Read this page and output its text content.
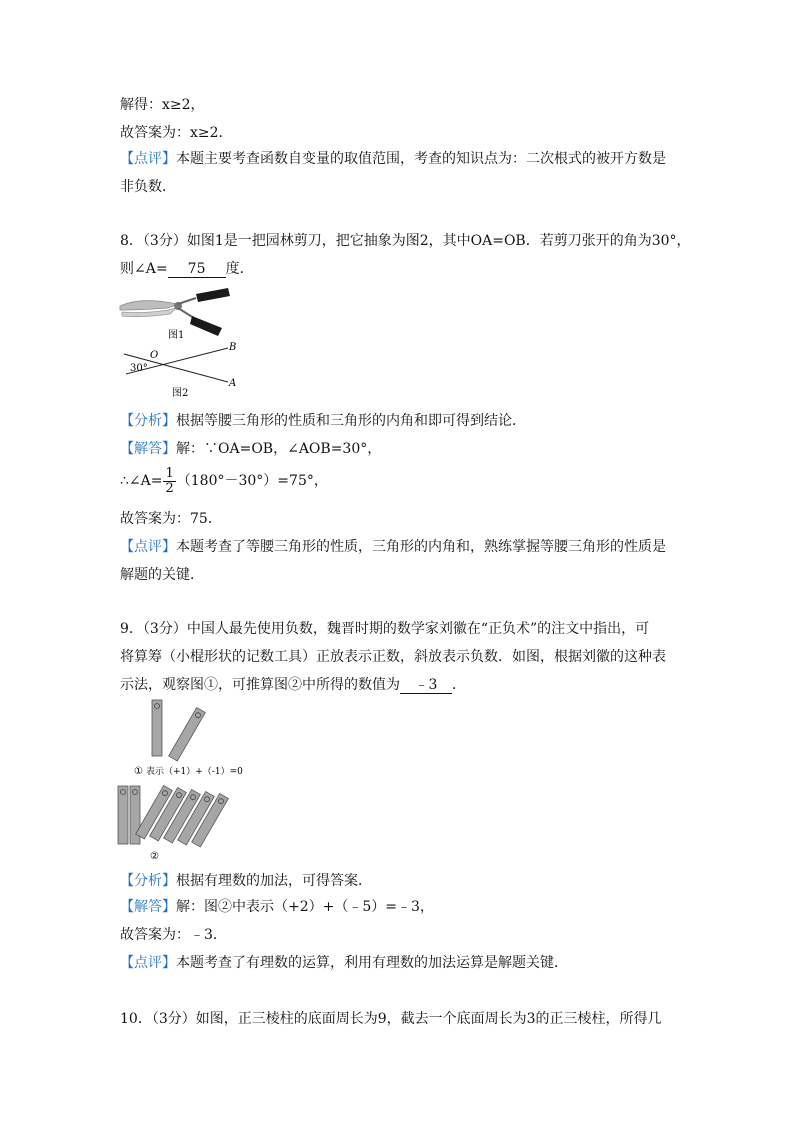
解得：x≥2，
故答案为：x≥2．
【点评】本题主要考查函数自变量的取值范围，考查的知识点为：二次根式的被开方数是
非负数．
8．（3分）如图1是一把园林剪刀，把它抽象为图2，其中OA=OB．若剪刀张开的角为30°，
则∠A= 75 度．
图1
O
B
A
30°
图2
【分析】根据等腰三角形的性质和三角形的内角和即可得到结论．
【解答】解：∵OA=OB，∠AOB=30°，
∴∠A= $\frac{1}{2} (180^\circ-30^\circ)=75^\circ$，
故答案为：75．
【点评】本题考查了等腰三角形的性质，三角形的内角和，熟练掌握等腰三角形的性质是
解题的关键．
9．（3分）中国人最先使用负数，魏晋时期的数学家刘徽在“正负术”的注文中指出，可
将算筹（小棍形状的记数工具）正放表示正数，斜放表示负数．如图，根据刘徽的这种表
示法，观察图①，可推算图②中所得的数值为 ﹣3 ．
① 表示（+1）+（-1）=0
②
【分析】根据有理数的加法，可得答案．
【解答】解：图②中表示（+2）+（﹣5）=﹣3，
故答案为：﹣3．
【点评】本题考查了有理数的运算，利用有理数的加法运算是解题关键．
10．（3分）如图，正三棱柱的底面周长为9，截去一个底面周长为3的正三棱柱，所得几
